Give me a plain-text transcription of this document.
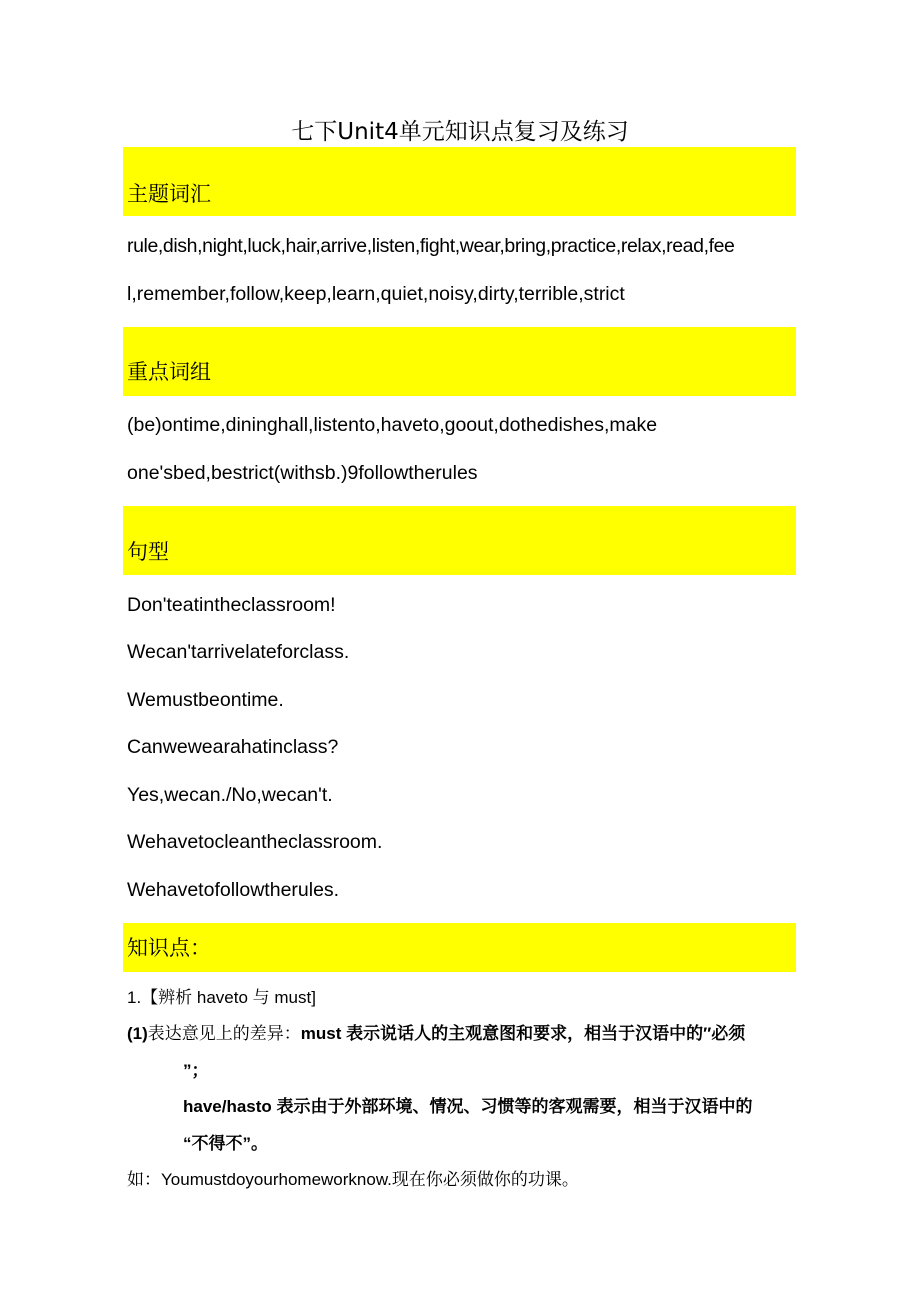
七下Unit4单元知识点复习及练习
主题词汇
rule,dish,night,luck,hair,arrive,listen,fight,wear,bring,practice,relax,read,fee
l,remember,follow,keep,learn,quiet,noisy,dirty,terrible,strict
重点词组
(be)ontime,dininghall,listento,haveto,goout,dothedishes,make
one'sbed,bestrict(withsb.)9followtherules
句型
Don'teatintheclassroom!
Wecan'tarrivelateforclass.
Wemustbeontime.
Canwewearahatinclass?
Yes,wecan./No,wecan't.
Wehavetocleantheclassroom.
Wehavetofollowtherules.
知识点：
1.【辨析 haveto 与 must]
(1)表达意见上的差异：must 表示说话人的主观意图和要求，相当于汉语中的″必须
”；
have/hasto 表示由于外部环境、情况、习惯等的客观需要，相当于汉语中的
“不得不”。
如：Youmustdoyourhomeworknow.现在你必须做你的功课。
